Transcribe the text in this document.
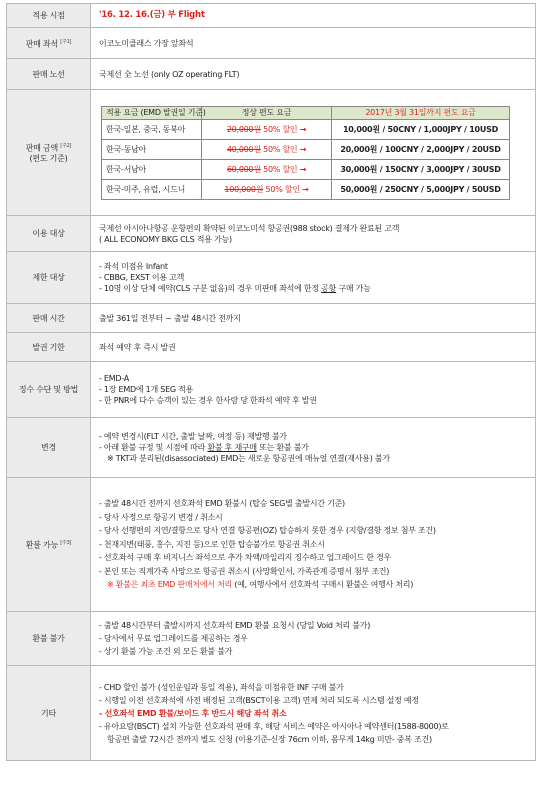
적용 시점	'16. 12. 16.(금) 부 Flight
판매 좌석 [주1]	이코노미클래스 가장 앞좌석
판매 노선	국제선 全 노선 (only OZ operating FLT)

판매 금액 [주2]
(편도 기준)

적용 요금 (EMD 발권일 기준)	정상 편도 요금	2017년 3월 31일까지 편도 요금
한국-일본, 중국, 동북아	20,000원 50% 할인 →	10,000원 / 50CNY / 1,000JPY / 10USD
한국-동남아	40,000원 50% 할인 →	20,000원 / 100CNY / 2,000JPY / 20USD
한국-서남아	60,000원 50% 할인 →	30,000원 / 150CNY / 3,000JPY / 30USD
한국-미주, 유럽, 시드니	100,000원 50% 할인 →	50,000원 / 250CNY / 5,000JPY / 50USD

이용 대상	
국제선 아시아나항공 운항편의 확약된 이코노미석 항공권(988 stock) 결제가 완료된 고객
( ALL ECONOMY BKG CLS 적용 가능)

제한 대상	
- 좌석 미점유 Infant
- CBBG, EXST 이용 고객
- 10명 이상 단체 예약(CLS 구분 없음)의 경우 미판매 좌석에 한정 공항 구매 가능

판매 시간	출발 361일 전부터 ~ 출발 48시간 전까지
발권 기한	좌석 예약 후 즉시 발권
징수 수단 및 방법	
- EMD-A
- 1장 EMD에 1개 SEG 적용
- 한 PNR에 다수 승객이 있는 경우 한사람 당 한좌석 예약 후 발권

변경	
- 예약 변경시(FLT 시간, 출발 날짜, 여정 등) 재발행 불가
- 아래 환불 규정 및 시점에 따라 환불 후 재구매 또는 환불 불가
※ TKT과 분리된(disassociated) EMD는 새로운 항공권에 매뉴얼 연결(재사용) 불가

환불 가능 [주3]	
- 출발 48시간 전까지 선호좌석 EMD 환불시 (탑승 SEG별 출발시간 기준)
- 당사 사정으로 항공기 변경 / 취소시
- 당사 선행편의 지연/결항으로 당사 연결 항공편(OZ) 탑승하지 못한 경우 (지향/결항 정보 첨부 조건)
- 천재지변(태풍, 홍수, 지진 등)으로 인한 탑승불가로 항공권 취소시
- 선호좌석 구매 후 비지니스 좌석으로 추가 차액/마일리지 징수하고 업그레이드 한 경우
- 본인 또는 직계가족 사망으로 항공권 취소시 (사망확인서, 가족관계 증명서 첨부 조건)
※ 환불은 최초 EMD 판매처에서 처리 (예, 여행사에서 선호좌석 구매시 환불은 여행사 처리)

환불 불가	
- 출발 48시간부터 출발시까지 선호좌석 EMD 환불 요청시 (당일 Void 처리 불가)
- 당사에서 무료 업그레이드를 제공하는 경우
- 상기 환불 가능 조건 외 모든 환불 불가

기타	
- CHD 할인 불가 (성인운임과 동일 적용), 좌석을 미점유한 INF 구매 불가
- 시행일 이전 선호좌석에 사전 배정된 고객(BSCT이용 고객) 면제 처리 되도록 시스템 설정 예정
- 선호좌석 EMD 환불/보이드 후 반드시 해당 좌석 취소
- 유아요람(BSCT) 설치 가능한 선호좌석 판매 후, 해당 서비스 예약은 아시아나 예약센터(1588-8000)로
항공편 출발 72시간 전까지 별도 신청 (이용기준-신장 76cm 이하, 몸무게 14kg 미만- 중복 조건)
